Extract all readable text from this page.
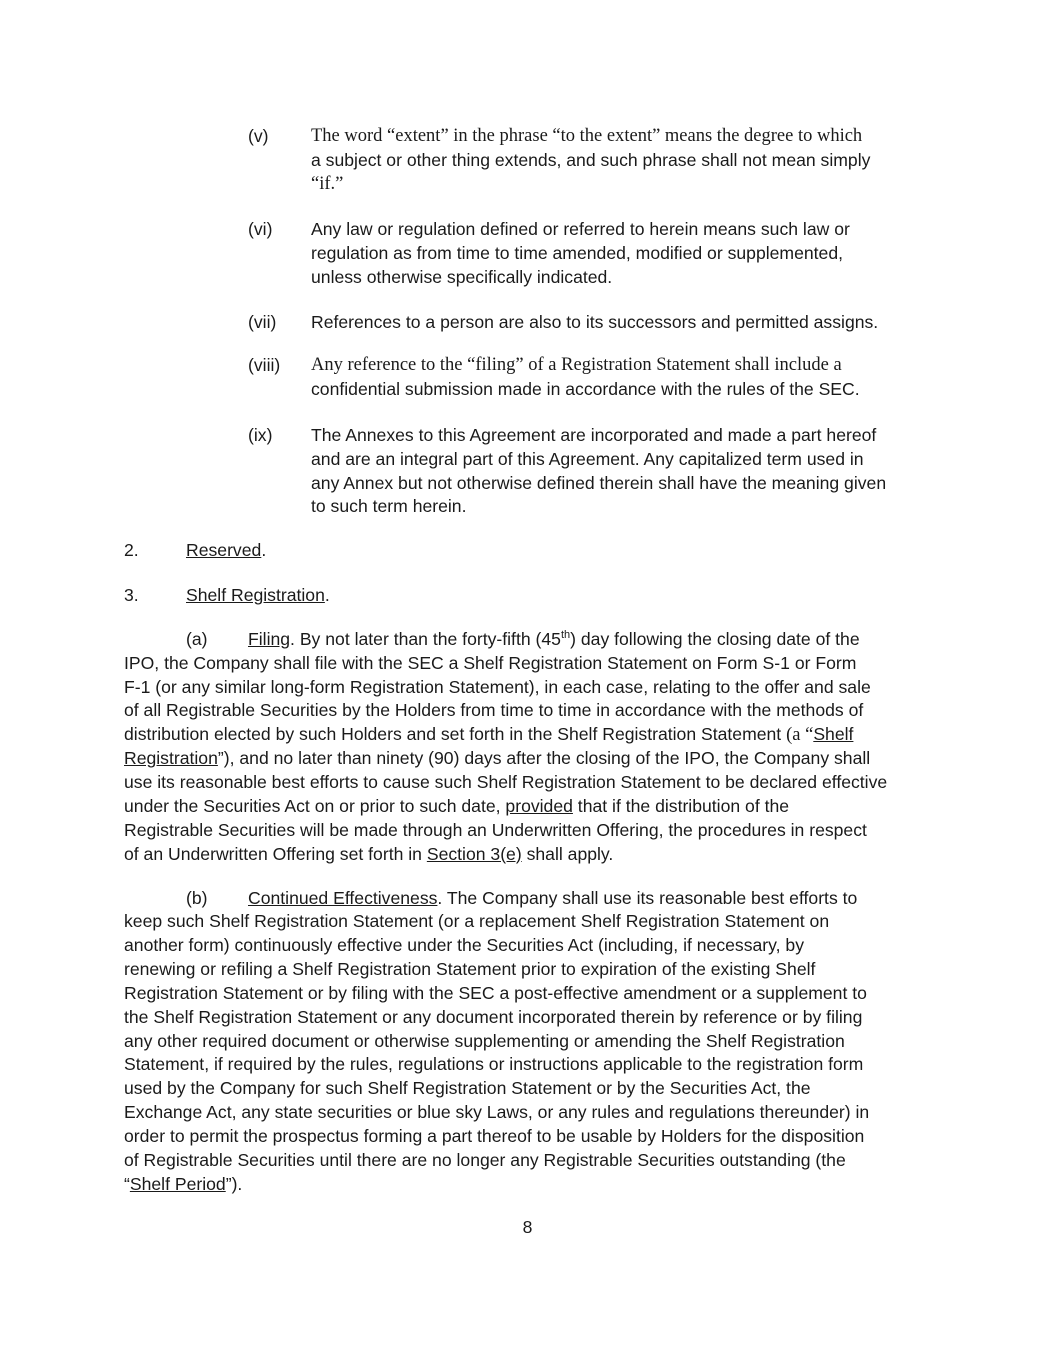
(v) The word “extent” in the phrase “to the extent” means the degree to which
a subject or other thing extends, and such phrase shall not mean simply
“if.”
(vi) Any law or regulation defined or referred to herein means such law or
regulation as from time to time amended, modified or supplemented,
unless otherwise specifically indicated.
(vii) References to a person are also to its successors and permitted assigns.
(viii) Any reference to the “filing” of a Registration Statement shall include a
confidential submission made in accordance with the rules of the SEC.
(ix) The Annexes to this Agreement are incorporated and made a part hereof
and are an integral part of this Agreement. Any capitalized term used in
any Annex but not otherwise defined therein shall have the meaning given
to such term herein.
2.	Reserved.
3.	Shelf Registration.
(a) Filing. By not later than the forty-fifth (45th) day following the closing date of the
IPO, the Company shall file with the SEC a Shelf Registration Statement on Form S-1 or Form
F-1 (or any similar long-form Registration Statement), in each case, relating to the offer and sale
of all Registrable Securities by the Holders from time to time in accordance with the methods of
distribution elected by such Holders and set forth in the Shelf Registration Statement (a “Shelf
Registration”), and no later than ninety (90) days after the closing of the IPO, the Company shall
use its reasonable best efforts to cause such Shelf Registration Statement to be declared effective
under the Securities Act on or prior to such date, provided that if the distribution of the
Registrable Securities will be made through an Underwritten Offering, the procedures in respect
of an Underwritten Offering set forth in Section 3(e) shall apply.
(b) Continued Effectiveness. The Company shall use its reasonable best efforts to
keep such Shelf Registration Statement (or a replacement Shelf Registration Statement on
another form) continuously effective under the Securities Act (including, if necessary, by
renewing or refiling a Shelf Registration Statement prior to expiration of the existing Shelf
Registration Statement or by filing with the SEC a post-effective amendment or a supplement to
the Shelf Registration Statement or any document incorporated therein by reference or by filing
any other required document or otherwise supplementing or amending the Shelf Registration
Statement, if required by the rules, regulations or instructions applicable to the registration form
used by the Company for such Shelf Registration Statement or by the Securities Act, the
Exchange Act, any state securities or blue sky Laws, or any rules and regulations thereunder) in
order to permit the prospectus forming a part thereof to be usable by Holders for the disposition
of Registrable Securities until there are no longer any Registrable Securities outstanding (the
“Shelf Period”).
8
